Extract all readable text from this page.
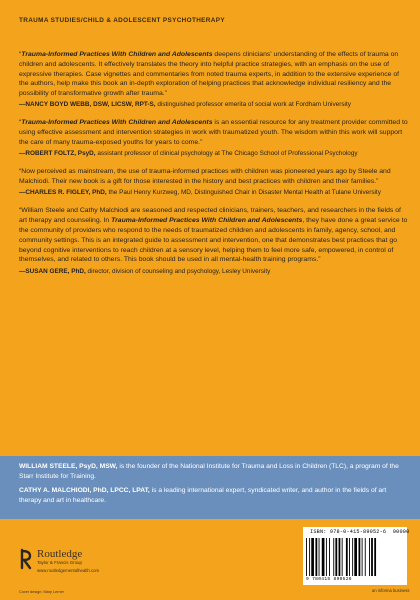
TRAUMA STUDIES/CHILD & ADOLESCENT PSYCHOTHERAPY
“Trauma-Informed Practices With Children and Adolescents deepens clinicians' understanding of the effects of trauma on children and adolescents. It effectively translates the theory into helpful practice strategies, with an emphasis on the use of expressive therapies. Case vignettes and commentaries from noted trauma experts, in addition to the extensive experience of the authors, help make this book an in-depth exploration of helping practices that acknowledge individual resiliency and the possibility of transformative growth after trauma.”
—NANCY BOYD WEBB, DSW, LICSW, RPT-S, distinguished professor emerita of social work at Fordham University
“Trauma-Informed Practices With Children and Adolescents is an essential resource for any treatment provider committed to using effective assessment and intervention strategies in work with traumatized youth. The wisdom within this work will support the care of many trauma-exposed youths for years to come.”
—ROBERT FOLTZ, PsyD, assistant professor of clinical psychology at The Chicago School of Professional Psychology
“Now perceived as mainstream, the use of trauma-informed practices with children was pioneered years ago by Steele and Malchiodi. Their new book is a gift for those interested in the history and best practices with children and their families.”
—CHARLES R. FIGLEY, PhD, the Paul Henry Kurzweg, MD, Distinguished Chair in Disaster Mental Health at Tulane University
“William Steele and Cathy Malchiodi are seasoned and respected clinicians, trainers, teachers, and researchers in the fields of art therapy and counseling. In Trauma-Informed Practices With Children and Adolescents, they have done a great service to the community of providers who respond to the needs of traumatized children and adolescents in family, agency, school, and community settings. This is an integrated guide to assessment and intervention, one that demonstrates best practices that go beyond cognitive interventions to reach children at a sensory level, helping them to feel more safe, empowered, in control of themselves, and related to others. This book should be used in all mental-health training programs.”
—SUSAN GERE, PhD, director, division of counseling and psychology, Lesley University

WILLIAM STEELE, PsyD, MSW, is the founder of the National Institute for Trauma and Loss in Children (TLC), a program of the Starr Institute for Training.

CATHY A. MALCHIODI, PhD, LPCC, LPAT, is a leading international expert, syndicated writer, and author in the fields of art therapy and art in healthcare.

Routledge
Taylor & Francis Group
www.routledgementalhealth.com
Cover design: Mary Lerner
ISBN: 978-0-415-89052-6 90000
9 780415 890526
an informa business
